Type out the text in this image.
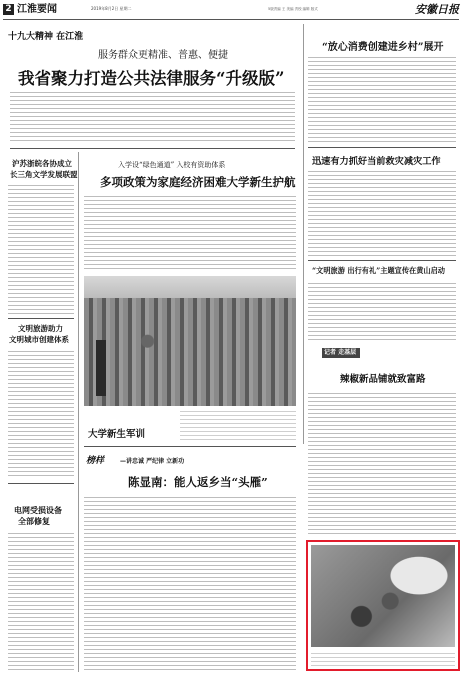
2 江淮要闻	2019年8月2日 星期二	5版责编 王 美编 责校 编辑 版式	安徽日报
十九大精神 在江淮
服务群众更精准、普惠、便捷
我省聚力打造公共法律服务“升级版”
“放心消费创建进乡村”展开
迅速有力抓好当前救灾减灾工作
“文明旅游 出行有礼”主题宣传在黄山启动
记者 走基层
辣椒新品铺就致富路
沪苏浙皖各协成立
长三角文学发展联盟
文明旅游助力
文明城市创建体系
电网受损设备
全部修复
入学设“绿色通道” 入校有资助体系
多项政策为家庭经济困难大学新生护航
大学新生军训
榜样	—讲忠诚 严纪律 立新功
陈显南：能人返乡当“头雁”
